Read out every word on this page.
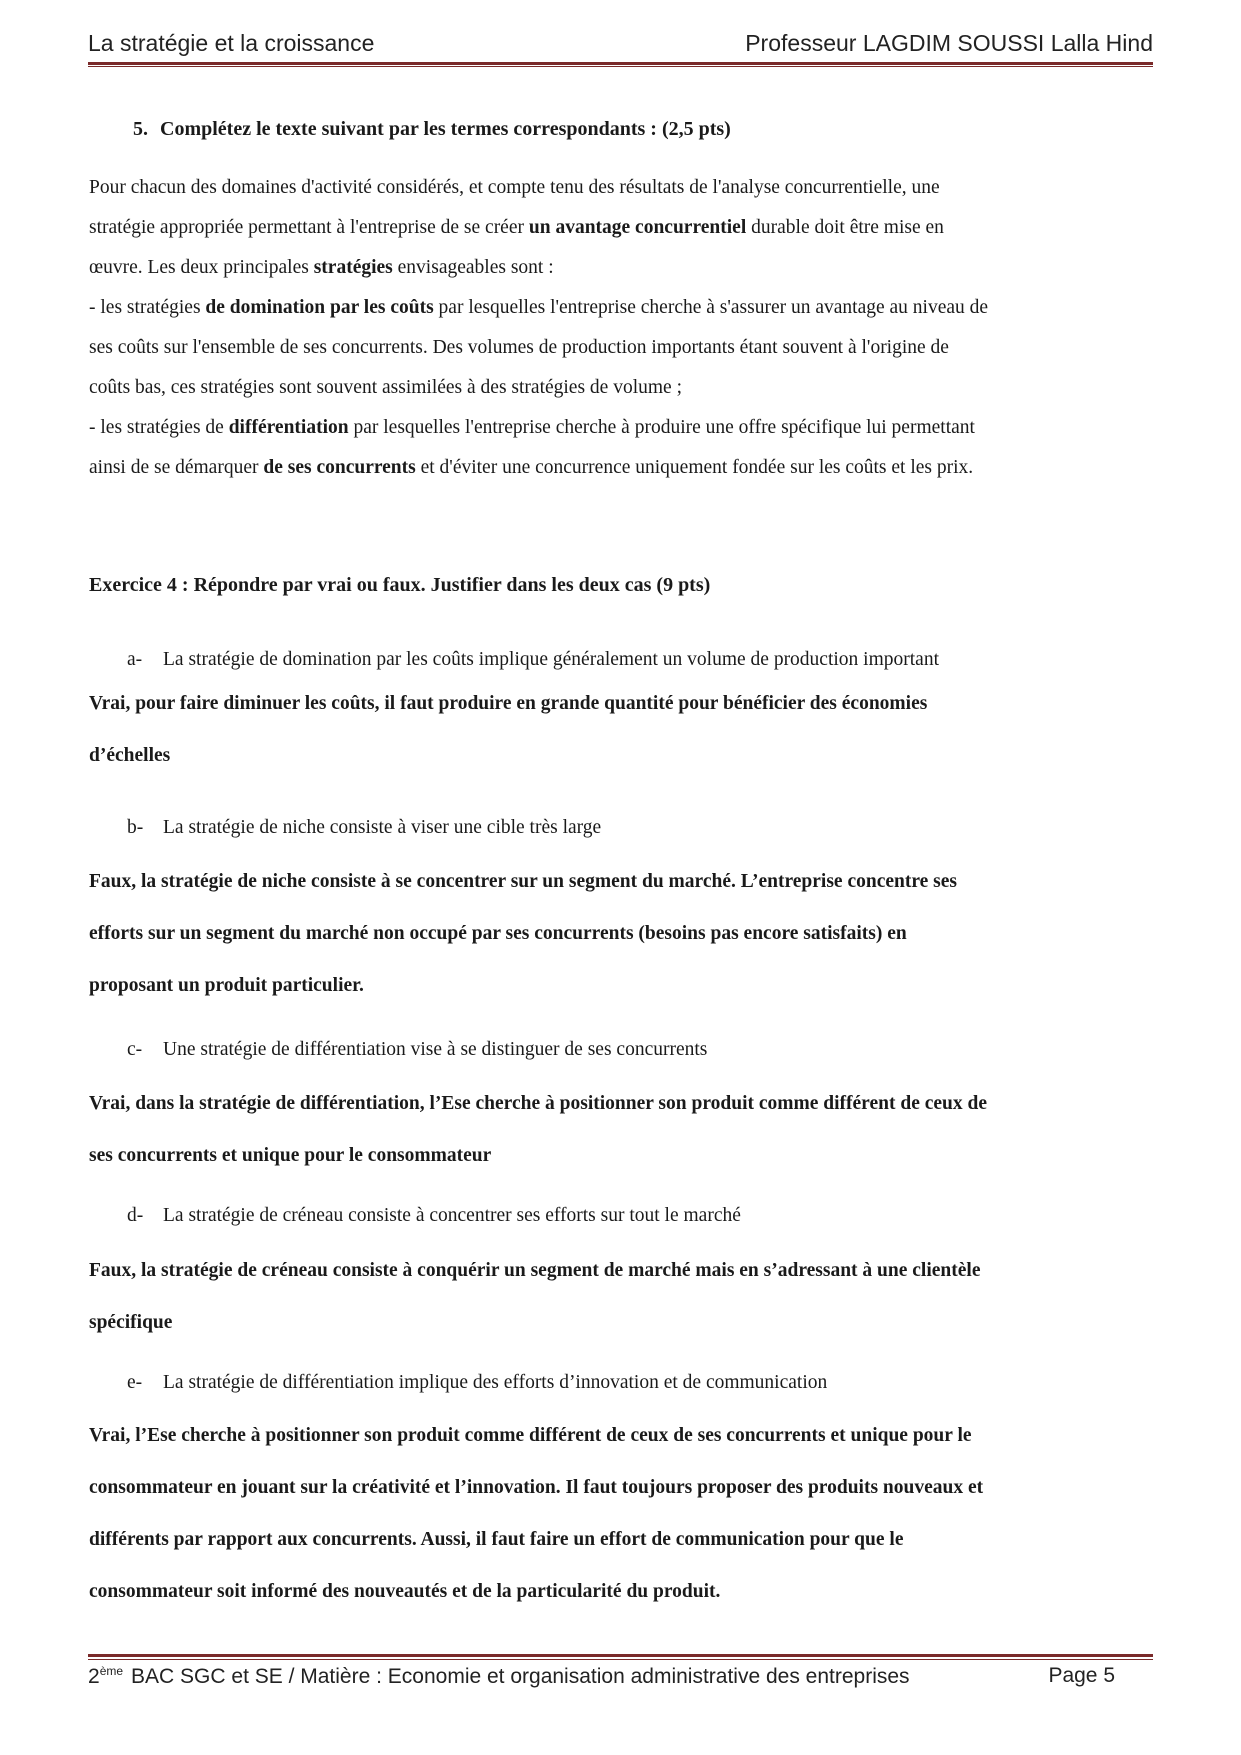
La stratégie et la croissance	Professeur LAGDIM SOUSSI Lalla Hind
5. Complétez le texte suivant par les termes correspondants : (2,5 pts)

Pour chacun des domaines d'activité considérés, et compte tenu des résultats de l'analyse concurrentielle, une

stratégie appropriée permettant à l'entreprise de se créer un avantage concurrentiel durable doit être mise en

œuvre. Les deux principales stratégies envisageables sont :

- les stratégies de domination par les coûts par lesquelles l'entreprise cherche à s'assurer un avantage au niveau de

ses coûts sur l'ensemble de ses concurrents. Des volumes de production importants étant souvent à l'origine de

coûts bas, ces stratégies sont souvent assimilées à des stratégies de volume ;

- les stratégies de différentiation par lesquelles l'entreprise cherche à produire une offre spécifique lui permettant

ainsi de se démarquer de ses concurrents et d'éviter une concurrence uniquement fondée sur les coûts et les prix.

Exercice 4 : Répondre par vrai ou faux. Justifier dans les deux cas (9 pts)
a- La stratégie de domination par les coûts implique généralement un volume de production important
Vrai, pour faire diminuer les coûts, il faut produire en grande quantité pour bénéficier des économies
d’échelles
b- La stratégie de niche consiste à viser une cible très large
Faux, la stratégie de niche consiste à se concentrer sur un segment du marché. L’entreprise concentre ses
efforts sur un segment du marché non occupé par ses concurrents (besoins pas encore satisfaits) en
proposant un produit particulier.
c- Une stratégie de différentiation vise à se distinguer de ses concurrents
Vrai, dans la stratégie de différentiation, l’Ese cherche à positionner son produit comme différent de ceux de
ses concurrents et unique pour le consommateur
d- La stratégie de créneau consiste à concentrer ses efforts sur tout le marché
Faux, la stratégie de créneau consiste à conquérir un segment de marché mais en s’adressant à une clientèle
spécifique
e- La stratégie de différentiation implique des efforts d’innovation et de communication
Vrai, l’Ese cherche à positionner son produit comme différent de ceux de ses concurrents et unique pour le
consommateur en jouant sur la créativité et l’innovation. Il faut toujours proposer des produits nouveaux et
différents par rapport aux concurrents. Aussi, il faut faire un effort de communication pour que le
consommateur soit informé des nouveautés et de la particularité du produit.
2ème BAC SGC et SE / Matière : Economie et organisation administrative des entreprises	Page 5
